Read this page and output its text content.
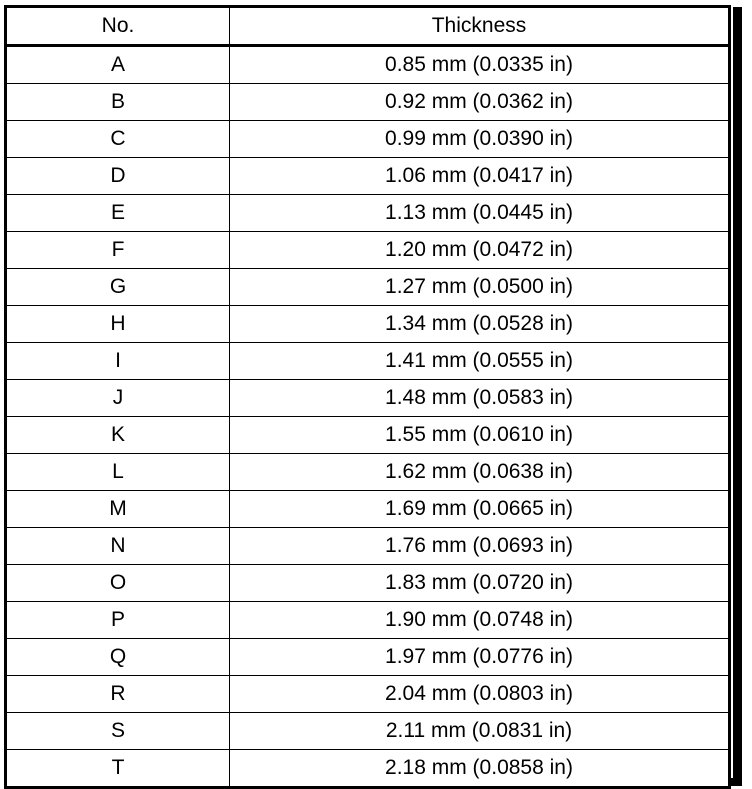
No.	Thickness
A	0.85 mm (0.0335 in)
B	0.92 mm (0.0362 in)
C	0.99 mm (0.0390 in)
D	1.06 mm (0.0417 in)
E	1.13 mm (0.0445 in)
F	1.20 mm (0.0472 in)
G	1.27 mm (0.0500 in)
H	1.34 mm (0.0528 in)
I	1.41 mm (0.0555 in)
J	1.48 mm (0.0583 in)
K	1.55 mm (0.0610 in)
L	1.62 mm (0.0638 in)
M	1.69 mm (0.0665 in)
N	1.76 mm (0.0693 in)
O	1.83 mm (0.0720 in)
P	1.90 mm (0.0748 in)
Q	1.97 mm (0.0776 in)
R	2.04 mm (0.0803 in)
S	2.11 mm (0.0831 in)
T	2.18 mm (0.0858 in)
